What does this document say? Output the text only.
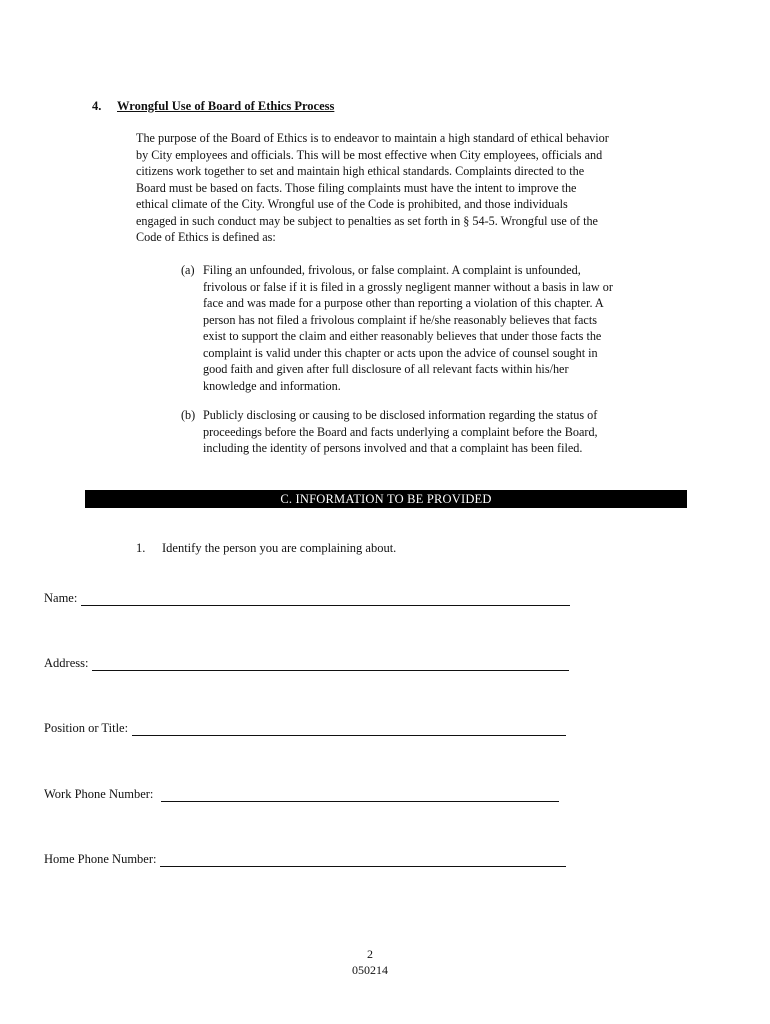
4. Wrongful Use of Board of Ethics Process
The purpose of the Board of Ethics is to endeavor to maintain a high standard of ethical behavior
by City employees and officials. This will be most effective when City employees, officials and
citizens work together to set and maintain high ethical standards. Complaints directed to the
Board must be based on facts. Those filing complaints must have the intent to improve the
ethical climate of the City. Wrongful use of the Code is prohibited, and those individuals
engaged in such conduct may be subject to penalties as set forth in § 54-5. Wrongful use of the
Code of Ethics is defined as:
(a) Filing an unfounded, frivolous, or false complaint. A complaint is unfounded,
frivolous or false if it is filed in a grossly negligent manner without a basis in law or
face and was made for a purpose other than reporting a violation of this chapter. A
person has not filed a frivolous complaint if he/she reasonably believes that facts
exist to support the claim and either reasonably believes that under those facts the
complaint is valid under this chapter or acts upon the advice of counsel sought in
good faith and given after full disclosure of all relevant facts within his/her
knowledge and information.
(b) Publicly disclosing or causing to be disclosed information regarding the status of
proceedings before the Board and facts underlying a complaint before the Board,
including the identity of persons involved and that a complaint has been filed.
C. INFORMATION TO BE PROVIDED
1. Identify the person you are complaining about.
Name:
Address:
Position or Title:
Work Phone Number:
Home Phone Number:
2
050214
